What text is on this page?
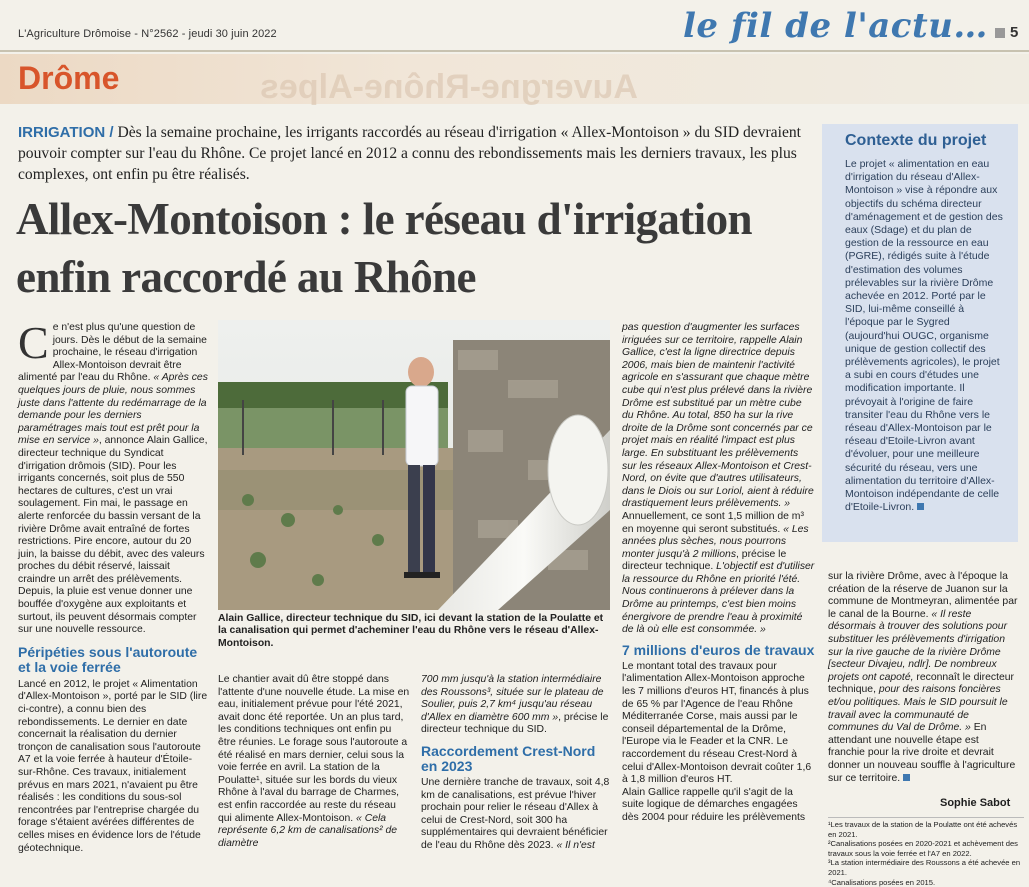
L'Agriculture Drômoise - N°2562 - jeudi 30 juin 2022	le fil de l'actu…	5
Auvergne-Rhône-Alpes
Drôme
IRRIGATION / Dès la semaine prochaine, les irrigants raccordés au réseau d'irrigation « Allex-Montoison » du SID devraient pouvoir compter sur l'eau du Rhône. Ce projet lancé en 2012 a connu des rebondissements mais les derniers travaux, les plus complexes, ont enfin pu être réalisés.
Allex-Montoison : le réseau d'irrigation enfin raccordé au Rhône
Contexte du projet
Le projet « alimentation en eau d'irrigation du réseau d'Allex-Montoison » vise à répondre aux objectifs du schéma directeur d'aménagement et de gestion des eaux (Sdage) et du plan de gestion de la ressource en eau (PGRE), rédigés suite à l'étude d'estimation des volumes prélevables sur la rivière Drôme achevée en 2012. Porté par le SID, lui-même conseillé à l'époque par le Sygred (aujourd'hui OUGC, organisme unique de gestion collectif des prélèvements agricoles), le projet a subi en cours d'études une modification importante. Il prévoyait à l'origine de faire transiter l'eau du Rhône vers le réseau d'Allex-Montoison par le réseau d'Etoile-Livron avant d'évoluer, pour une meilleure sécurité du réseau, vers une alimentation du territoire d'Allex-Montoison indépendante de celle d'Etoile-Livron.

Ce n'est plus qu'une question de jours. Dès le début de la semaine prochaine, le réseau d'irrigation Allex-Montoison devrait être alimenté par l'eau du Rhône. « Après ces quelques jours de pluie, nous sommes juste dans l'attente du redémarrage de la demande pour les derniers paramétrages mais tout est prêt pour la mise en service », annonce Alain Gallice, directeur technique du Syndicat d'irrigation drômois (SID). Pour les irrigants concernés, soit plus de 550 hectares de cultures, c'est un vrai soulagement. Fin mai, le passage en alerte renforcée du bassin versant de la rivière Drôme avait entraîné de fortes restrictions. Pire encore, autour du 20 juin, la baisse du débit, avec des valeurs proches du débit réservé, laissait craindre un arrêt des prélèvements. Depuis, la pluie est venue donner une bouffée d'oxygène aux exploitants et surtout, ils peuvent désormais compter sur une nouvelle ressource.

Péripéties sous l'autoroute et la voie ferrée

Lancé en 2012, le projet « Alimentation d'Allex-Montoison », porté par le SID (lire ci-contre), a connu bien des rebondissements. Le dernier en date concernait la réalisation du dernier tronçon de canalisation sous l'autoroute A7 et la voie ferrée à hauteur d'Étoile-sur-Rhône. Ces travaux, initialement prévus en mars 2021, n'avaient pu être réalisés : les conditions du sous-sol rencontrées par l'entreprise chargée du forage s'étaient avérées différentes de celles mises en évidence lors de l'étude géotechnique.

Alain Gallice, directeur technique du SID, ici devant la station de la Poulatte et la canalisation qui permet d'acheminer l'eau du Rhône vers le réseau d'Allex-Montoison.

Le chantier avait dû être stoppé dans l'attente d'une nouvelle étude. La mise en eau, initialement prévue pour l'été 2021, avait donc été reportée. Un an plus tard, les conditions techniques ont enfin pu être réunies. Le forage sous l'autoroute a été réalisé en mars dernier, celui sous la voie ferrée en avril. La station de la Poulatte¹, située sur les bords du vieux Rhône à l'aval du barrage de Charmes, est enfin raccordée au reste du réseau qui alimente Allex-Montoison. « Cela représente 6,2 km de canalisations² de diamètre

700 mm jusqu'à la station intermédiaire des Roussons³, située sur le plateau de Soulier, puis 2,7 km⁴ jusqu'au réseau d'Allex en diamètre 600 mm », précise le directeur technique du SID.

Raccordement Crest-Nord en 2023

Une dernière tranche de travaux, soit 4,8 km de canalisations, est prévue l'hiver prochain pour relier le réseau d'Allex à celui de Crest-Nord, soit 300 ha supplémentaires qui devraient bénéficier de l'eau du Rhône dès 2023. « Il n'est

pas question d'augmenter les surfaces irriguées sur ce territoire, rappelle Alain Gallice, c'est la ligne directrice depuis 2006, mais bien de maintenir l'activité agricole en s'assurant que chaque mètre cube qui n'est plus prélevé dans la rivière Drôme est substitué par un mètre cube du Rhône. Au total, 850 ha sur la rive droite de la Drôme sont concernés par ce projet mais en réalité l'impact est plus large. En substituant les prélèvements sur les réseaux Allex-Montoison et Crest-Nord, on évite que d'autres utilisateurs, dans le Diois ou sur Loriol, aient à réduire drastiquement leurs prélèvements. »

Annuellement, ce sont 1,5 million de m³ en moyenne qui seront substitués. « Les années plus sèches, nous pourrons monter jusqu'à 2 millions, précise le directeur technique. L'objectif est d'utiliser la ressource du Rhône en priorité l'été. Nous continuerons à prélever dans la Drôme au printemps, c'est bien moins énergivore de prendre l'eau à proximité de là où elle est consommée. »

7 millions d'euros de travaux

Le montant total des travaux pour l'alimentation Allex-Montoison approche les 7 millions d'euros HT, financés à plus de 65 % par l'Agence de l'eau Rhône Méditerranée Corse, mais aussi par le conseil départemental de la Drôme, l'Europe via le Feader et la CNR. Le raccordement du réseau Crest-Nord à celui d'Allex-Montoison devrait coûter 1,6 à 1,8 million d'euros HT.

Alain Gallice rappelle qu'il s'agit de la suite logique de démarches engagées dès 2004 pour réduire les prélèvements

sur la rivière Drôme, avec à l'époque la création de la réserve de Juanon sur la commune de Montmeyran, alimentée par le canal de la Bourne. « Il reste désormais à trouver des solutions pour substituer les prélèvements d'irrigation sur la rive gauche de la rivière Drôme [secteur Divajeu, ndlr]. De nombreux projets ont capoté, reconnaît le directeur technique, pour des raisons foncières et/ou politiques. Mais le SID poursuit le travail avec la communauté de communes du Val de Drôme. » En attendant une nouvelle étape est franchie pour la rive droite et devrait donner un nouveau souffle à l'agriculture sur ce territoire.

Sophie Sabot
¹Les travaux de la station de la Poulatte ont été achevés en 2021.
²Canalisations posées en 2020-2021 et achèvement des travaux sous la voie ferrée et l'A7 en 2022.
³La station intermédiaire des Roussons a été achevée en 2021.
⁴Canalisations posées en 2015.
